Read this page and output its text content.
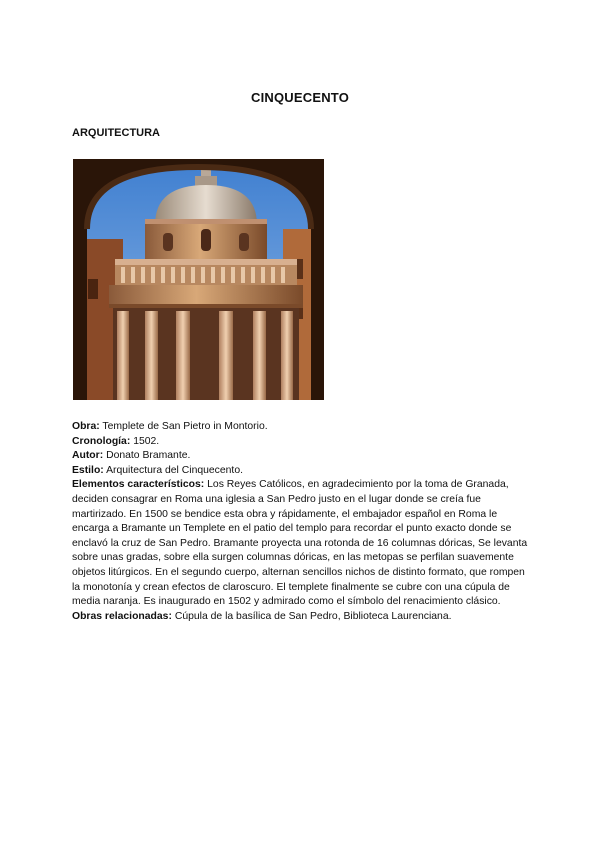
CINQUECENTO
ARQUITECTURA

Obra: Templete de San Pietro in Montorio.

Cronología: 1502.

Autor: Donato Bramante.

Estilo: Arquitectura del Cinquecento.

Elementos característicos: Los Reyes Católicos, en agradecimiento por la toma de Granada, deciden consagrar en Roma una iglesia a San Pedro justo en el lugar donde se creía fue martirizado. En 1500 se bendice esta obra y rápidamente, el embajador español en Roma le encarga a Bramante un Templete en el patio del templo para recordar el punto exacto donde se enclavó la cruz de San Pedro. Bramante proyecta una rotonda de 16 columnas dóricas, Se levanta sobre unas gradas, sobre ella surgen columnas dóricas, en las metopas se perfilan suavemente objetos litúrgicos. En el segundo cuerpo, alternan sencillos nichos de distinto formato, que rompen la monotonía y crean efectos de claroscuro. El templete finalmente se cubre con una cúpula de media naranja. Es inaugurado en 1502 y admirado como el símbolo del renacimiento clásico.

Obras relacionadas: Cúpula de la basílica de San Pedro, Biblioteca Laurenciana.
